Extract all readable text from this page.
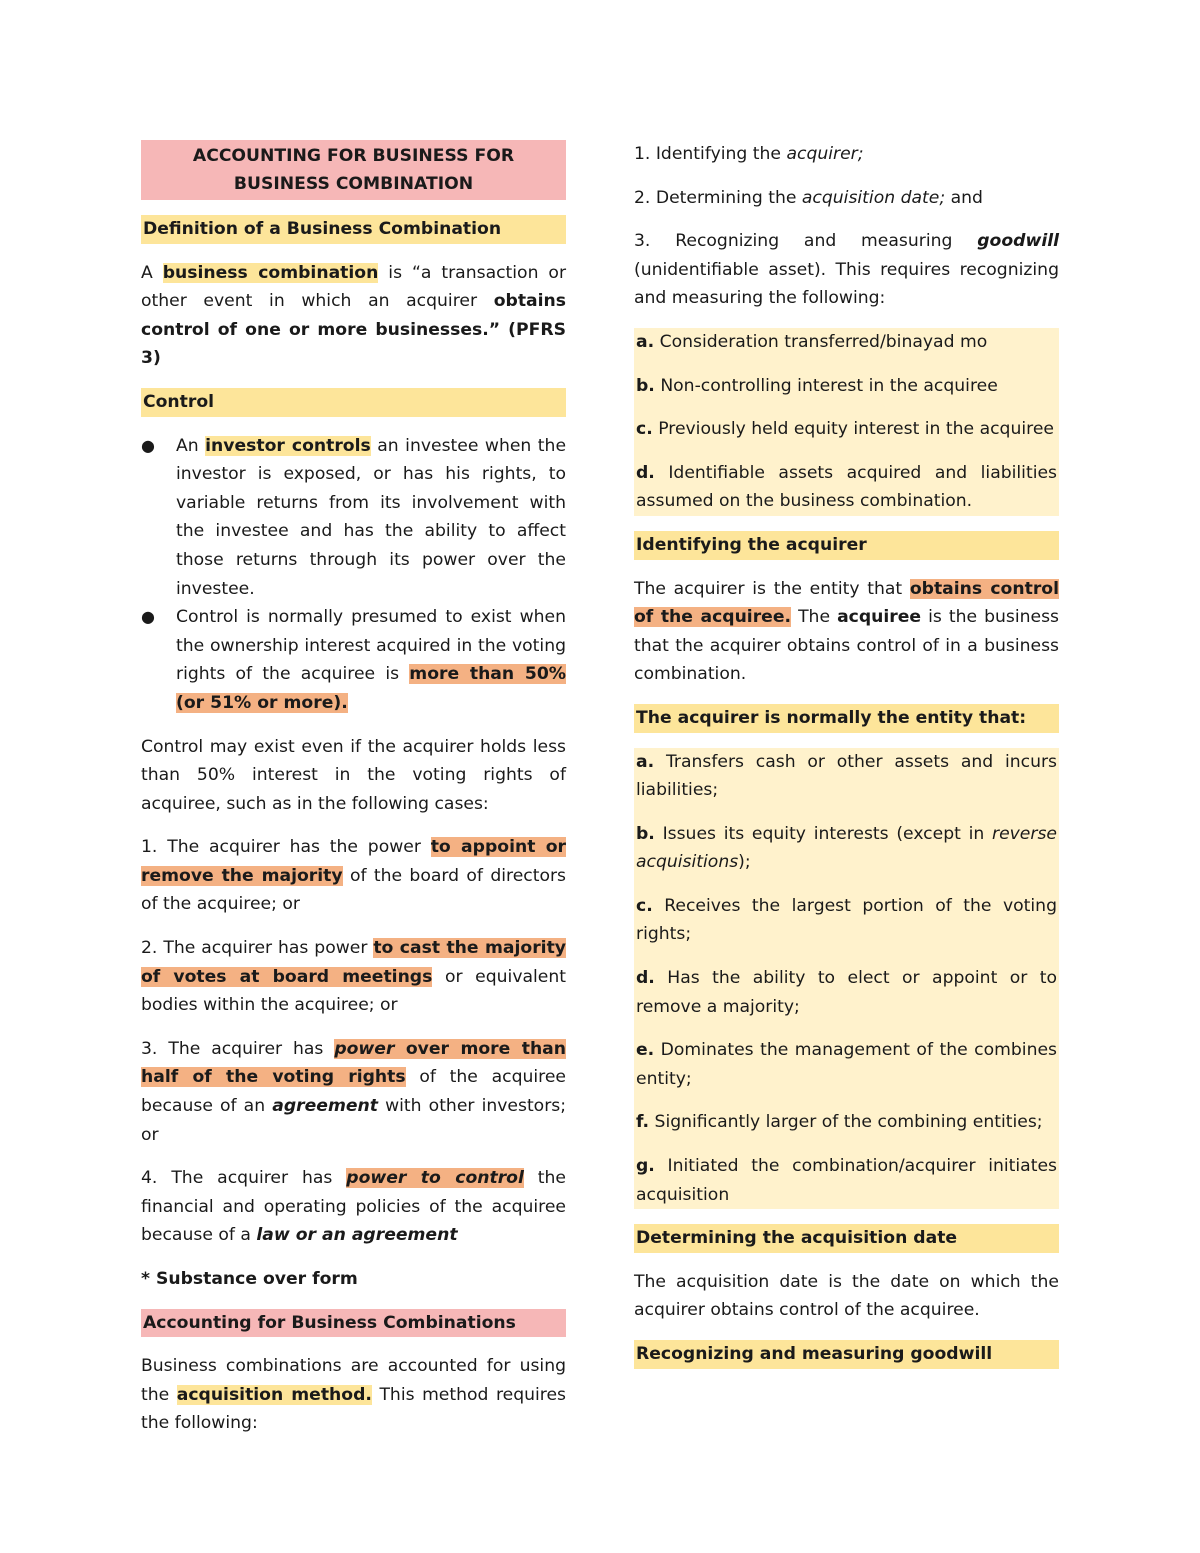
ACCOUNTING FOR BUSINESS FOR BUSINESS COMBINATION
Definition of a Business Combination

A business combination is “a transaction or other event in which an acquirer obtains control of one or more businesses.” (PFRS 3)

Control
● An investor controls an investee when the investor is exposed, or has his rights, to variable returns from its involvement with the investee and has the ability to affect those returns through its power over the investee.
● Control is normally presumed to exist when the ownership interest acquired in the voting rights of the acquiree is more than 50% (or 51% or more).

Control may exist even if the acquirer holds less than 50% interest in the voting rights of acquiree, such as in the following cases:

1. The acquirer has the power to appoint or remove the majority of the board of directors of the acquiree; or

2. The acquirer has power to cast the majority of votes at board meetings or equivalent bodies within the acquiree; or

3. The acquirer has power over more than half of the voting rights of the acquiree because of an agreement with other investors; or

4. The acquirer has power to control the financial and operating policies of the acquiree because of a law or an agreement

* Substance over form

Accounting for Business Combinations

Business combinations are accounted for using the acquisition method. This method requires the following:

1. Identifying the acquirer;

2. Determining the acquisition date; and

3. Recognizing and measuring goodwill (unidentifiable asset). This requires recognizing and measuring the following:

a. Consideration transferred/binayad mo

b. Non-controlling interest in the acquiree

c. Previously held equity interest in the acquiree

d. Identifiable assets acquired and liabilities assumed on the business combination.

Identifying the acquirer

The acquirer is the entity that obtains control of the acquiree. The acquiree is the business that the acquirer obtains control of in a business combination.

The acquirer is normally the entity that:

a. Transfers cash or other assets and incurs liabilities;

b. Issues its equity interests (except in reverse acquisitions);

c. Receives the largest portion of the voting rights;

d. Has the ability to elect or appoint or to remove a majority;

e. Dominates the management of the combines entity;

f. Significantly larger of the combining entities;

g. Initiated the combination/acquirer initiates acquisition

Determining the acquisition date

The acquisition date is the date on which the acquirer obtains control of the acquiree.

Recognizing and measuring goodwill
